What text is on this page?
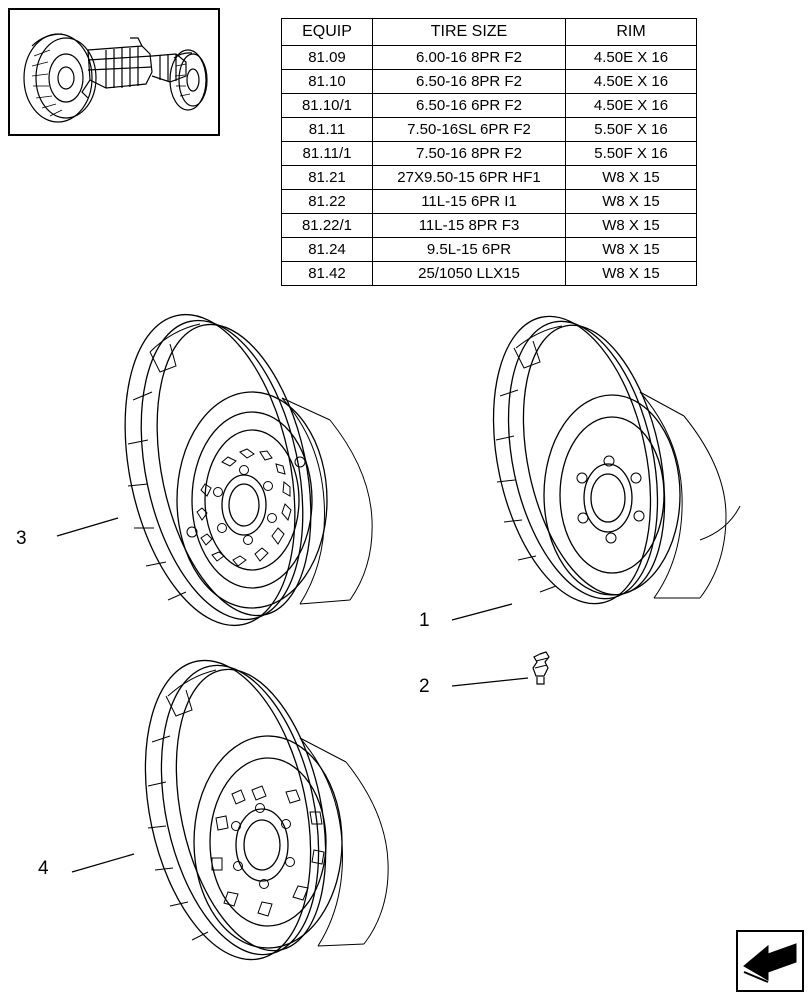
EQUIP	TIRE SIZE	RIM
81.09	6.00-16 8PR F2	4.50E X 16
81.10	6.50-16 8PR F2	4.50E X 16
81.10/1	6.50-16 6PR F2	4.50E X 16
81.11	7.50-16SL 6PR F2	5.50F X 16
81.11/1	7.50-16 8PR F2	5.50F X 16
81.21	27X9.50-15 6PR HF1	W8 X 15
81.22	11L-15 6PR I1	W8 X 15
81.22/1	11L-15 8PR F3	W8 X 15
81.24	9.5L-15 6PR	W8 X 15
81.42	25/1050 LLX15	W8 X 15
3
1
2
4
